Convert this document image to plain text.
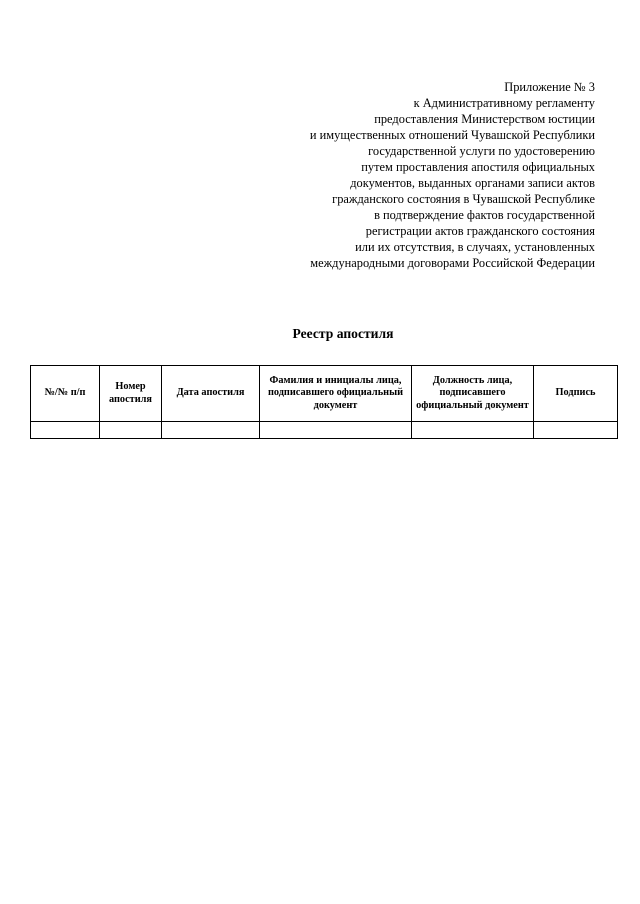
Приложение № 3
к Административному регламенту
предоставления Министерством юстиции
и имущественных отношений Чувашской Республики
государственной услуги по удостоверению
путем проставления апостиля официальных
документов, выданных органами записи актов
гражданского состояния в Чувашской Республике
в подтверждение фактов государственной
регистрации актов гражданского состояния
или их отсутствия, в случаях, установленных
международными договорами Российской Федерации
Реестр апостиля
№/№ п/п	Номер апостиля	Дата апостиля	Фамилия и инициалы лица, подписавшего официальный документ	Должность лица, подписавшего официальный документ	Подпись
